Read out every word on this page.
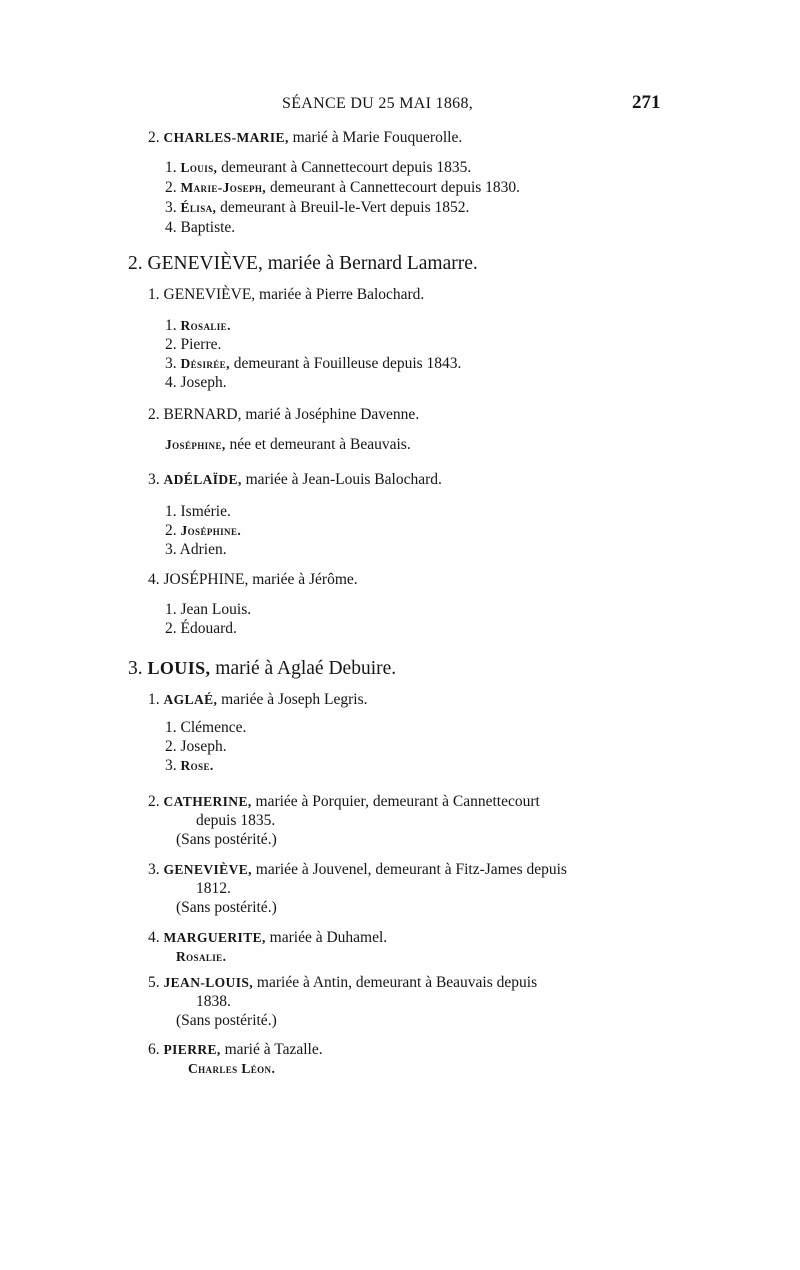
SÉANCE DU 25 MAI 1868,	271
2. CHARLES-MARIE, marié à Marie Fouquerolle.
1. Louis, demeurant à Cannettecourt depuis 1835.
2. Marie-Joseph, demeurant à Cannettecourt depuis 1830.
3. Élisa, demeurant à Breuil-le-Vert depuis 1852.
4. Baptiste.
2. GENEVIÈVE, mariée à Bernard Lamarre.
1. GENEVIÈVE, mariée à Pierre Balochard.
1. Rosalie.
2. Pierre.
3. Désirée, demeurant à Fouilleuse depuis 1843.
4. Joseph.
2. BERNARD, marié à Joséphine Davenne.
Joséphine, née et demeurant à Beauvais.
3. ADÉLAÏDE, mariée à Jean-Louis Balochard.
1. Ismérie.
2. Joséphine.
3. Adrien.
4. JOSÉPHINE, mariée à Jérôme.
1. Jean Louis.
2. Édouard.
3. LOUIS, marié à Aglaé Debuire.
1. AGLAÉ, mariée à Joseph Legris.
1. Clémence.
2. Joseph.
3. Rose.
2. CATHERINE, mariée à Porquier, demeurant à Cannettecourt
depuis 1835.
(Sans postérité.)
3. GENEVIÈVE, mariée à Jouvenel, demeurant à Fitz-James depuis
1812.
(Sans postérité.)
4. MARGUERITE, mariée à Duhamel.
Rosalie.
5. JEAN-LOUIS, mariée à Antin, demeurant à Beauvais depuis
1838.
(Sans postérité.)
6. PIERRE, marié à Tazalle.
Charles Léon.
